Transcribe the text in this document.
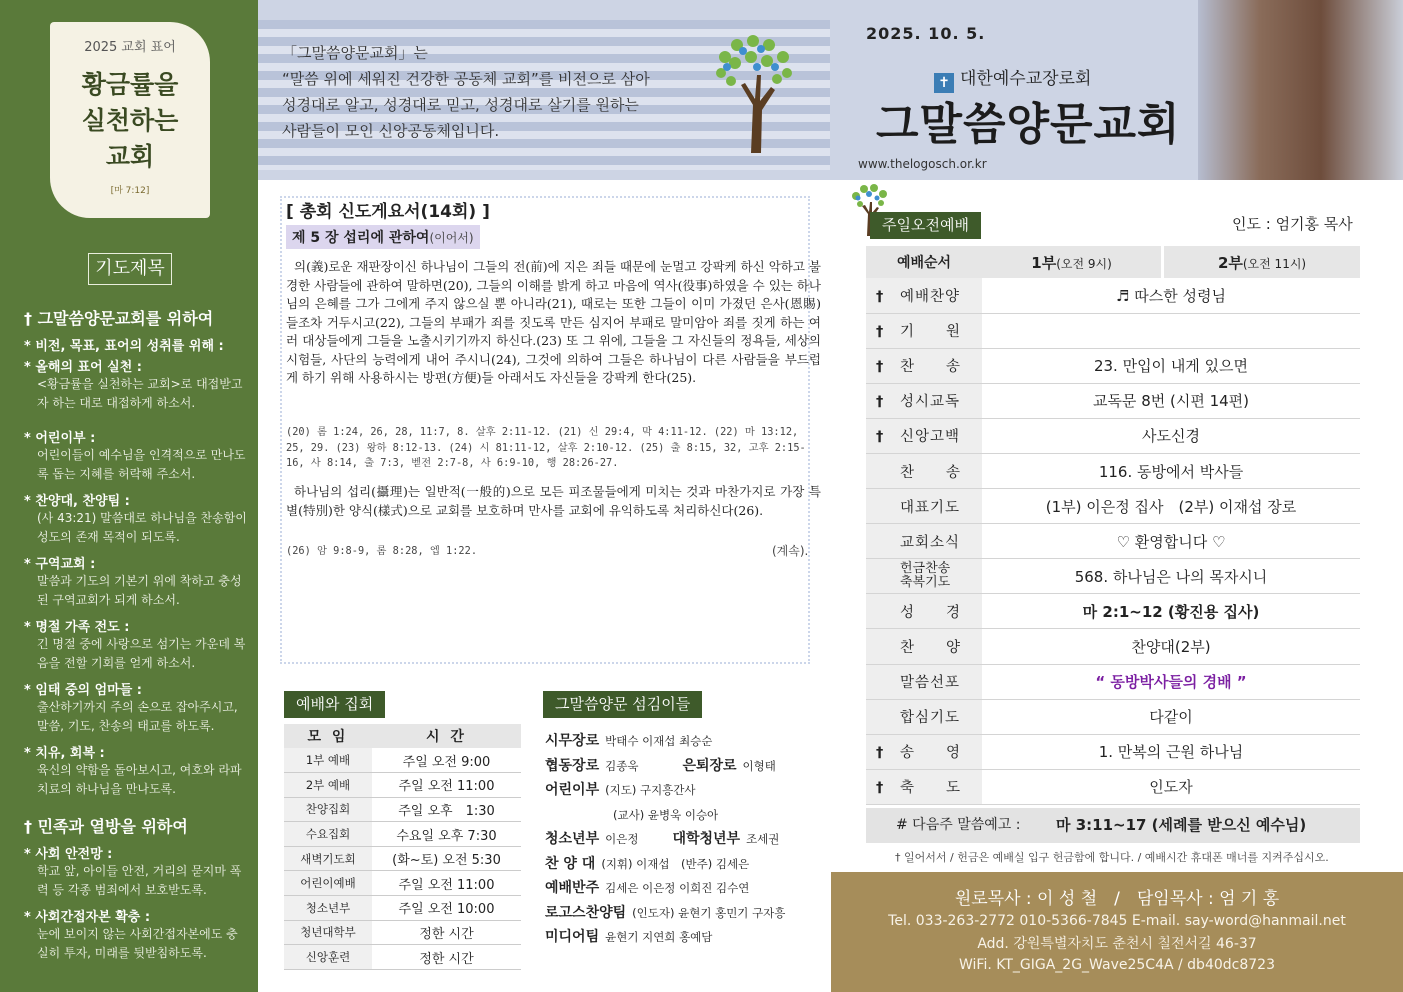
2025 교회 표어
황금률을
실천하는
교회
[마 7:12]
기도제목
† 그말씀양문교회를 위하여
* 비전, 목표, 표어의 성취를 위해 :
* 올해의 표어 실천 :
<황금률을 실천하는 교회>로 대접받고자 하는 대로 대접하게 하소서.
* 어린이부 :
어린이들이 예수님을 인격적으로 만나도록 돕는 지혜를 허락해 주소서.
* 찬양대, 찬양팀 :
(사 43:21) 말씀대로 하나님을 찬송함이 성도의 존재 목적이 되도록.
* 구역교회 :
말씀과 기도의 기본기 위에 착하고 충성된 구역교회가 되게 하소서.
* 명절 가족 전도 :
긴 명절 중에 사랑으로 섬기는 가운데 복음을 전할 기회를 얻게 하소서.
* 임태 중의 엄마들 :
출산하기까지 주의 손으로 잡아주시고, 말씀, 기도, 찬송의 태교를 하도록.
* 치유, 회복 :
육신의 약함을 돌아보시고, 여호와 라파 치료의 하나님을 만나도록.
† 민족과 열방을 위하여
* 사회 안전망 :
학교 앞, 아이들 안전, 거리의 묻지마 폭력 등 각종 범죄에서 보호받도록.
* 사회간접자본 확충 :
눈에 보이지 않는 사회간접자본에도 충실히 투자, 미래를 뒷받침하도록.
「그말씀양문교회」는
“말씀 위에 세워진 건강한 공동체 교회”를 비전으로 삼아
성경대로 알고, 성경대로 믿고, 성경대로 살기를 원하는
사람들이 모인 신앙공동체입니다.
2025. 10. 5.
✝ 대한예수교장로회
그말씀양문교회
www.thelogosch.or.kr
[ 총회 신도게요서(14회) ]
제 5 장 섭리에 관하여(이어서)
의(義)로운 재판장이신 하나님이 그들의 전(前)에 지은 죄들 때문에 눈멀고 강팍케 하신 악하고 불경한 사람들에 관하여 말하면(20), 그들의 이해를 밝게 하고 마음에 역사(役事)하였을 수 있는 하나님의 은혜를 그가 그에게 주지 않으실 뿐 아니라(21), 때로는 또한 그들이 이미 가졌던 은사(恩賜)들조차 거두시고(22), 그들의 부패가 죄를 짓도록 만든 심지어 부패로 말미암아 죄를 짓게 하는 여러 대상들에게 그들을 노출시키기까지 하신다.(23) 또 그 위에, 그들을 그 자신들의 정욕들, 세상의 시험들, 사단의 능력에게 내어 주시니(24), 그것에 의하여 그들은 하나님이 다른 사람들을 부드럽게 하기 위해 사용하시는 방편(方便)들 아래서도 자신들을 강팍케 한다(25).
(20) 롬 1:24, 26, 28, 11:7, 8. 살후 2:11-12. (21) 신 29:4, 막 4:11-12. (22) 마 13:12, 25, 29. (23) 왕하 8:12-13. (24) 시 81:11-12, 살후 2:10-12. (25) 출 8:15, 32, 고후 2:15-16, 사 8:14, 출 7:3, 벧전 2:7-8, 사 6:9-10, 행 28:26-27.
하나님의 섭리(攝理)는 일반적(一般的)으로 모든 피조물들에게 미치는 것과 마찬가지로 가장 특별(特別)한 양식(樣式)으로 교회를 보호하며 만사를 교회에 유익하도록 처리하신다(26).
(26) 암 9:8-9, 롬 8:28, 엡 1:22.	(계속).
예배와 집회
모 임	시 간
1부 예배	주일 오전 9:00
2부 예배	주일 오전 11:00
찬양집회	주일 오후　1:30
수요집회	수요일 오후 7:30
새벽기도회	(화~토) 오전 5:30
어린이예배	주일 오전 11:00
청소년부	주일 오전 10:00
청년대학부	정한 시간
신앙훈련	정한 시간
그말씀양문 섬김이들
시무장로 박태수 이재섭 최승순
협동장로 김종욱	은퇴장로 이형태
어린이부 (지도) 구지흥간사
(교사) 윤병욱 이승아
청소년부 이은정 대학청년부 조세권
찬 양 대 (지휘) 이재섭　(반주) 김세은
예배반주 김세은 이은정 이희진 김수연
로고스찬양팀 (인도자) 윤현기 홍민기 구자흥
미디어팀 윤현기 지연희 홍예담
주일오전예배	인도 : 엄기홍 목사
예배순서	1부(오전 9시)	2부(오전 11시)
† 예배찬양	♬ 따스한 성령님	
† 기　　원		
† 찬　　송	23. 만입이 내게 있으면	
† 성시교독	교독문 8번 (시편 14편)	
† 신앙고백	사도신경	
찬　　송	116. 동방에서 박사들	
대표기도	(1부) 이은정 집사　(2부) 이재섭 장로	
교회소식	♡ 환영합니다 ♡	
헌금찬송
축복기도	568. 하나님은 나의 목자시니	
성　　경	마 2:1~12 (황진용 집사)	
찬　　양	찬양대(2부)	
말씀선포	“ 동방박사들의 경배 ”	
합심기도	다같이	
† 송　　영	1. 만복의 근원 하나님	
† 축　　도	인도자	
# 다음주 말씀예고 : 마 3:11~17 (세례를 받으신 예수님)
† 일어서서 / 헌금은 예배실 입구 헌금함에 합니다. / 예배시간 휴대폰 매너를 지켜주십시오.
원로목사 : 이 성 철　/　담임목사 : 엄 기 홍
Tel. 033-263-2772 010-5366-7845 E-mail. say-word@hanmail.net
Add. 강원특별자치도 춘천시 칠전서길 46-37
WiFi. KT_GIGA_2G_Wave25C4A / db40dc8723
